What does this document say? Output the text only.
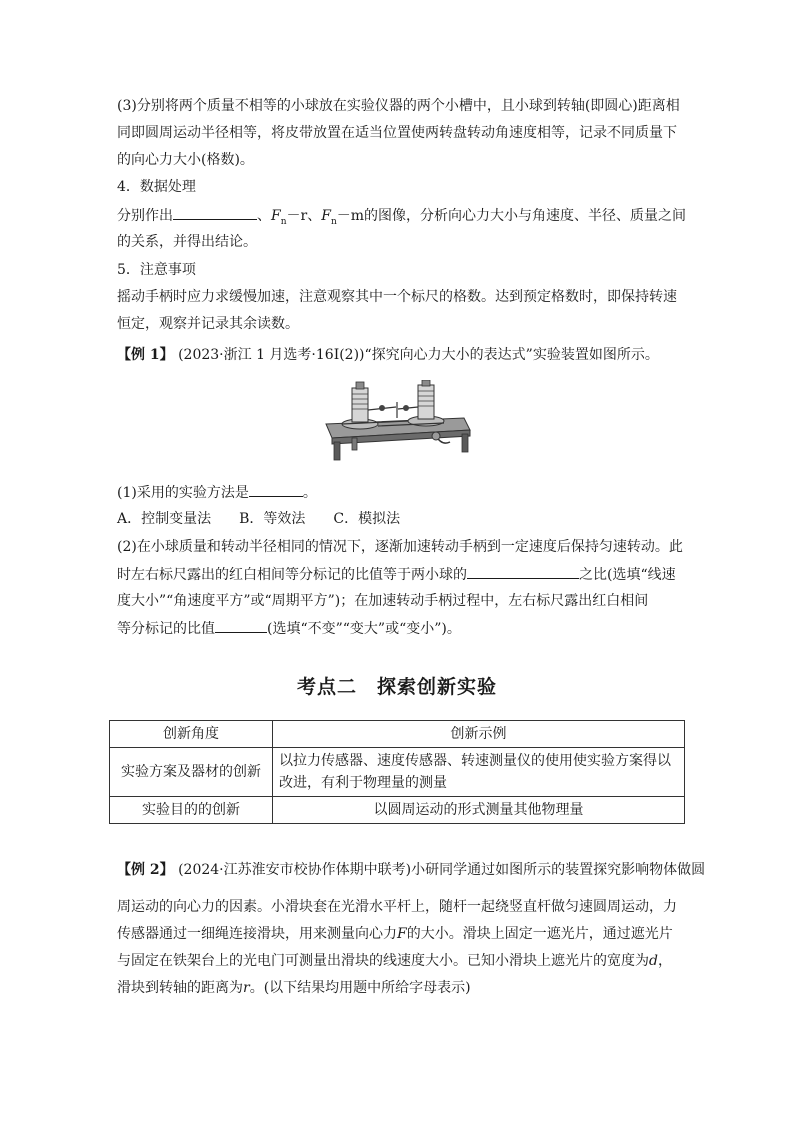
(3)分别将两个质量不相等的小球放在实验仪器的两个小槽中，且小球到转轴(即圆心)距离相
同即圆周运动半径相等，将皮带放置在适当位置使两转盘转动角速度相等，记录不同质量下
的向心力大小(格数)。
4．数据处理
分别作出	、$F_n-r$、$F_n-m$的图像，分析向心力大小与角速度、半径、质量之间
的关系，并得出结论。
5．注意事项
摇动手柄时应力求缓慢加速，注意观察其中一个标尺的格数。达到预定格数时，即保持转速
恒定，观察并记录其余读数。
【例 1】 (2023·浙江 1 月选考·16Ⅰ(2))“探究向心力大小的表达式”实验装置如图所示。
(1)采用的实验方法是	。
A．控制变量法　　B．等效法　　C．模拟法
(2)在小球质量和转动半径相同的情况下，逐渐加速转动手柄到一定速度后保持匀速转动。此
时左右标尺露出的红白相间等分标记的比值等于两小球的	之比(选填“线速
度大小”“角速度平方”或“周期平方”)；在加速转动手柄过程中，左右标尺露出红白相间
等分标记的比值	(选填“不变”“变大”或“变小”)。
考点二　探索创新实验
创新角度	创新示例
实验方案及器材的创新	以拉力传感器、速度传感器、转速测量仪的使用使实验方案得以改进，有利于物理量的测量
实验目的的创新	以圆周运动的形式测量其他物理量
【例 2】 (2024·江苏淮安市校协作体期中联考)小研同学通过如图所示的装置探究影响物体做圆
周运动的向心力的因素。小滑块套在光滑水平杆上，随杆一起绕竖直杆做匀速圆周运动，力
传感器通过一细绳连接滑块，用来测量向心力F的大小。滑块上固定一遮光片，通过遮光片
与固定在铁架台上的光电门可测量出滑块的线速度大小。已知小滑块上遮光片的宽度为d，
滑块到转轴的距离为r。(以下结果均用题中所给字母表示)
